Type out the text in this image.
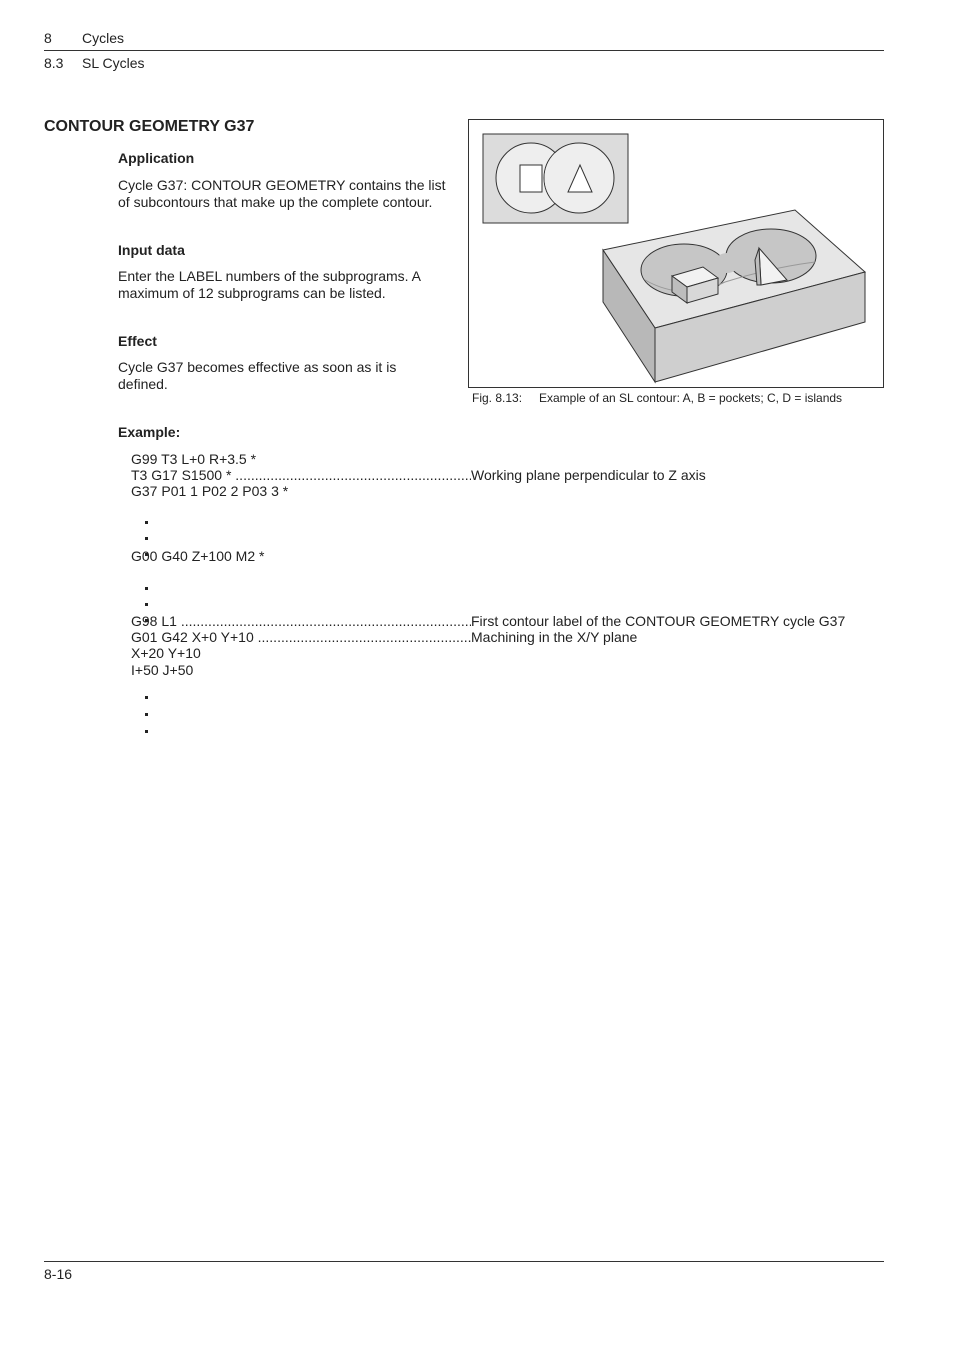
8 Cycles
8.3 SL Cycles
CONTOUR GEOMETRY G37
Application

Cycle G37: CONTOUR GEOMETRY contains the list of subcontours that make up the complete contour.

Input data

Enter the LABEL numbers of the subprograms. A maximum of 12 subprograms can be listed.

Effect

Cycle G37 becomes effective as soon as it is defined.

Fig. 8.13: Example of an SL contour: A, B = pockets; C, D = islands
Example:
G99 T3 L+0 R+3.5 *
T3 G17 S1500 * .....	Working plane perpendicular to Z axis
G37 P01 1 P02 2 P03 3 *
G00 G40 Z+100 M2 *
G98 L1 .....	First contour label of the CONTOUR GEOMETRY cycle G37
G01 G42 X+0 Y+10 .....	Machining in the X/Y plane
X+20 Y+10
I+50 J+50
8-16
